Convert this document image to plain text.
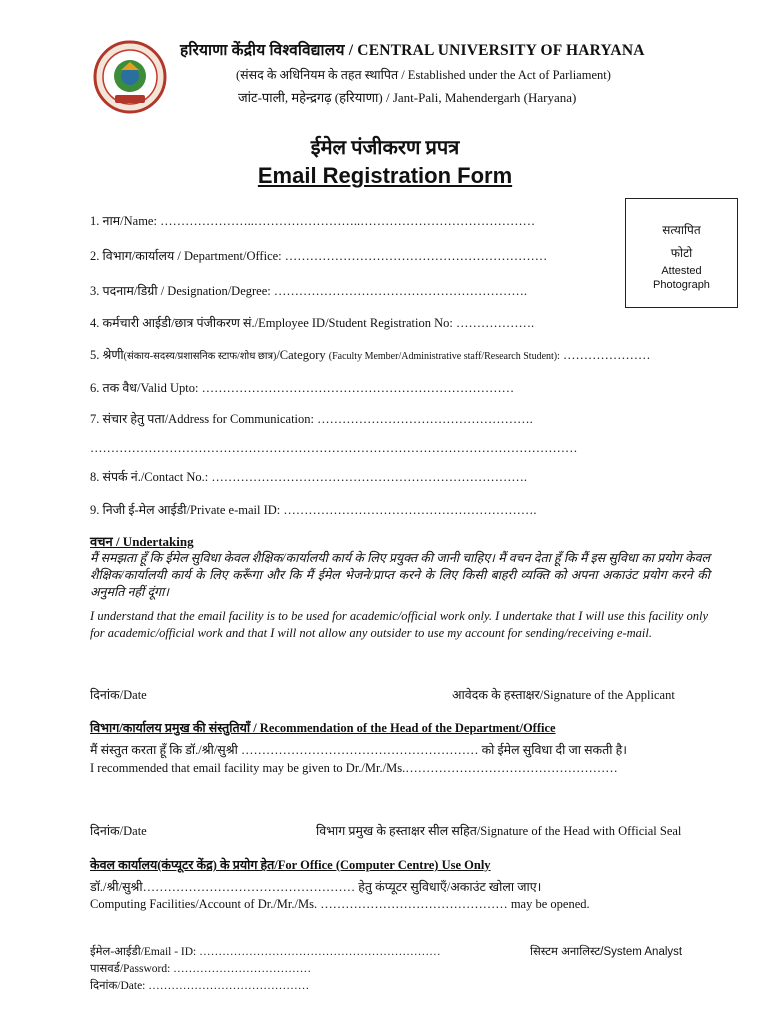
हरियाणा केंद्रीय विश्वविद्यालय / CENTRAL UNIVERSITY OF HARYANA
(संसद के अधिनियम के तहत स्थापित / Established under the Act of Parliament)
जांट-पाली, महेन्द्रगढ़ (हरियाणा) / Jant-Pali, Mahendergarh (Haryana)
ईमेल पंजीकरण प्रपत्र
Email Registration Form
सत्यापित
फोटो
Attested
Photograph
1. नाम/Name: …………………..……………………..……………………………………
2. विभाग/कार्यालय / Department/Office: ………………………………………………………
3. पदनाम/डिग्री / Designation/Degree: …………………………………………………….
4. कर्मचारी आईडी/छात्र पंजीकरण सं./Employee ID/Student Registration No: ……………….
5. श्रेणी(संकाय-सदस्य/प्रशासनिक स्टाफ/शोध छात्र)/Category (Faculty Member/Administrative staff/Research Student): …………………
6. तक वैध/Valid Upto: …………………………………………………………………
7. संचार हेतु पता/Address for Communication: …………………………………………….
………………………………………………………………………………………………………
8. संपर्क नं./Contact No.: ………………………………………………………………….
9. निजी ई-मेल आईडी/Private e-mail ID: …………………………………………………….
वचन / Undertaking
मैं समझता हूँ कि ईमेल सुविधा केवल शैक्षिक/कार्यालयी कार्य के लिए प्रयुक्त की जानी चाहिए। मैं वचन देता हूँ कि मैं इस सुविधा का प्रयोग केवल शैक्षिक/कार्यालयी कार्य के लिए करूँगा और कि मैं ईमेल भेजने/प्राप्त करने के लिए किसी बाहरी व्यक्ति को अपना अकाउंट प्रयोग करने की अनुमति नहीं दूंगा।
I understand that the email facility is to be used for academic/official work only. I undertake that I will use this facility only for academic/official work and that I will not allow any outsider to use my account for sending/receiving e-mail.
दिनांक/Date	आवेदक के हस्ताक्षर/Signature of the Applicant
विभाग/कार्यालय प्रमुख की संस्तुतियाँ / Recommendation of the Head of the Department/Office
मैं संस्तुत करता हूँ कि डॉ./श्री/सुश्री ………………………………………………… को ईमेल सुविधा दी जा सकती है।
I recommended that email facility may be given to Dr./Mr./Ms.……………………………………………
दिनांक/Date	विभाग प्रमुख के हस्ताक्षर सील सहित/Signature of the Head with Official Seal
केवल कार्यालय(कंप्यूटर केंद्र) के प्रयोग हेत/For Office (Computer Centre) Use Only
डॉ./श्री/सुश्री…………………………………………… हेतु कंप्यूटर सुविधाएँ/अकाउंट खोला जाए।
Computing Facilities/Account of Dr./Mr./Ms. ……………………………………… may be opened.
ईमेल-आईडी/Email - ID: ………………………………………………………
पासवर्ड/Password: ………………………………
दिनांक/Date: ……………………………………
सिस्टम अनालिस्ट/System Analyst
